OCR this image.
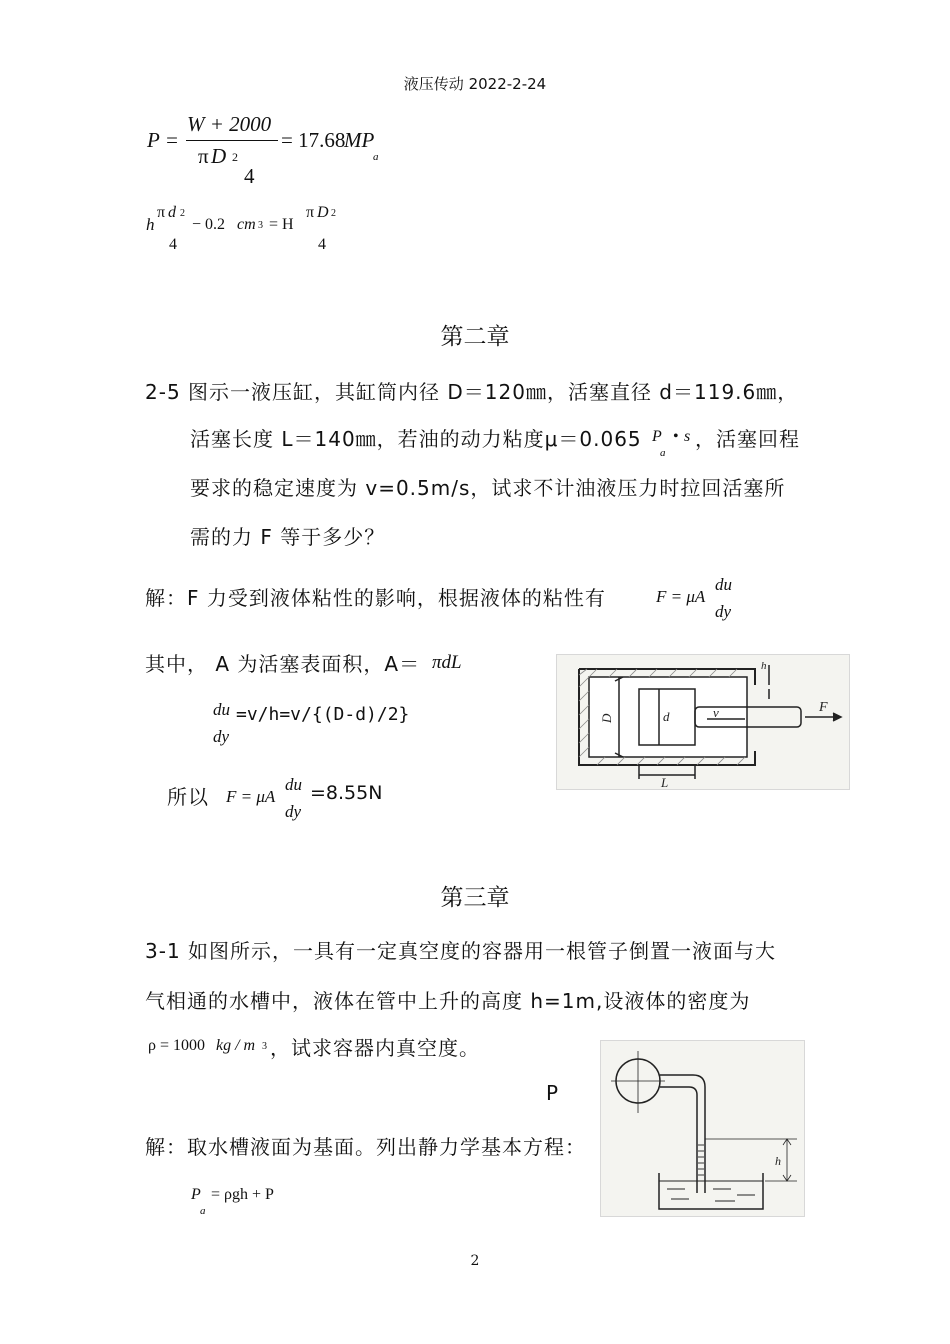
液压传动 2022-2-24
P =
W + 2000
π D 2
4
= 17.68
MP
a
h
π d 2
4
− 0.2 cm 3 = H
π D 2
4
第二章
2-5 图示一液压缸，其缸筒内径 D＝120㎜，活塞直径 d＝119.6㎜，
活塞长度 L＝140㎜，若油的动力粘度μ＝0.065 P
a
• s ，活塞回程
要求的稳定速度为 v=0.5m/s，试求不计油液压力时拉回活塞所
需的力 F 等于多少？
解：F 力受到液体粘性的影响，根据液体的粘性有	F = μA
du
dy
其中， A 为活塞表面积，A＝ πdL
du
dy
=v/h=v/{(D-d)/2}
所以 F = μA
du
dy
=8.55N
D	d	v	F
L
h
第三章
3-1 如图所示，一具有一定真空度的容器用一根管子倒置一液面与大
气相通的水槽中，液体在管中上升的高度 h=1m,设液体的密度为
ρ = 1000 kg / m 3 ，试求容器内真空度。
P
解：取水槽液面为基面。列出静力学基本方程：
P
a
= ρgh + P
h
2
